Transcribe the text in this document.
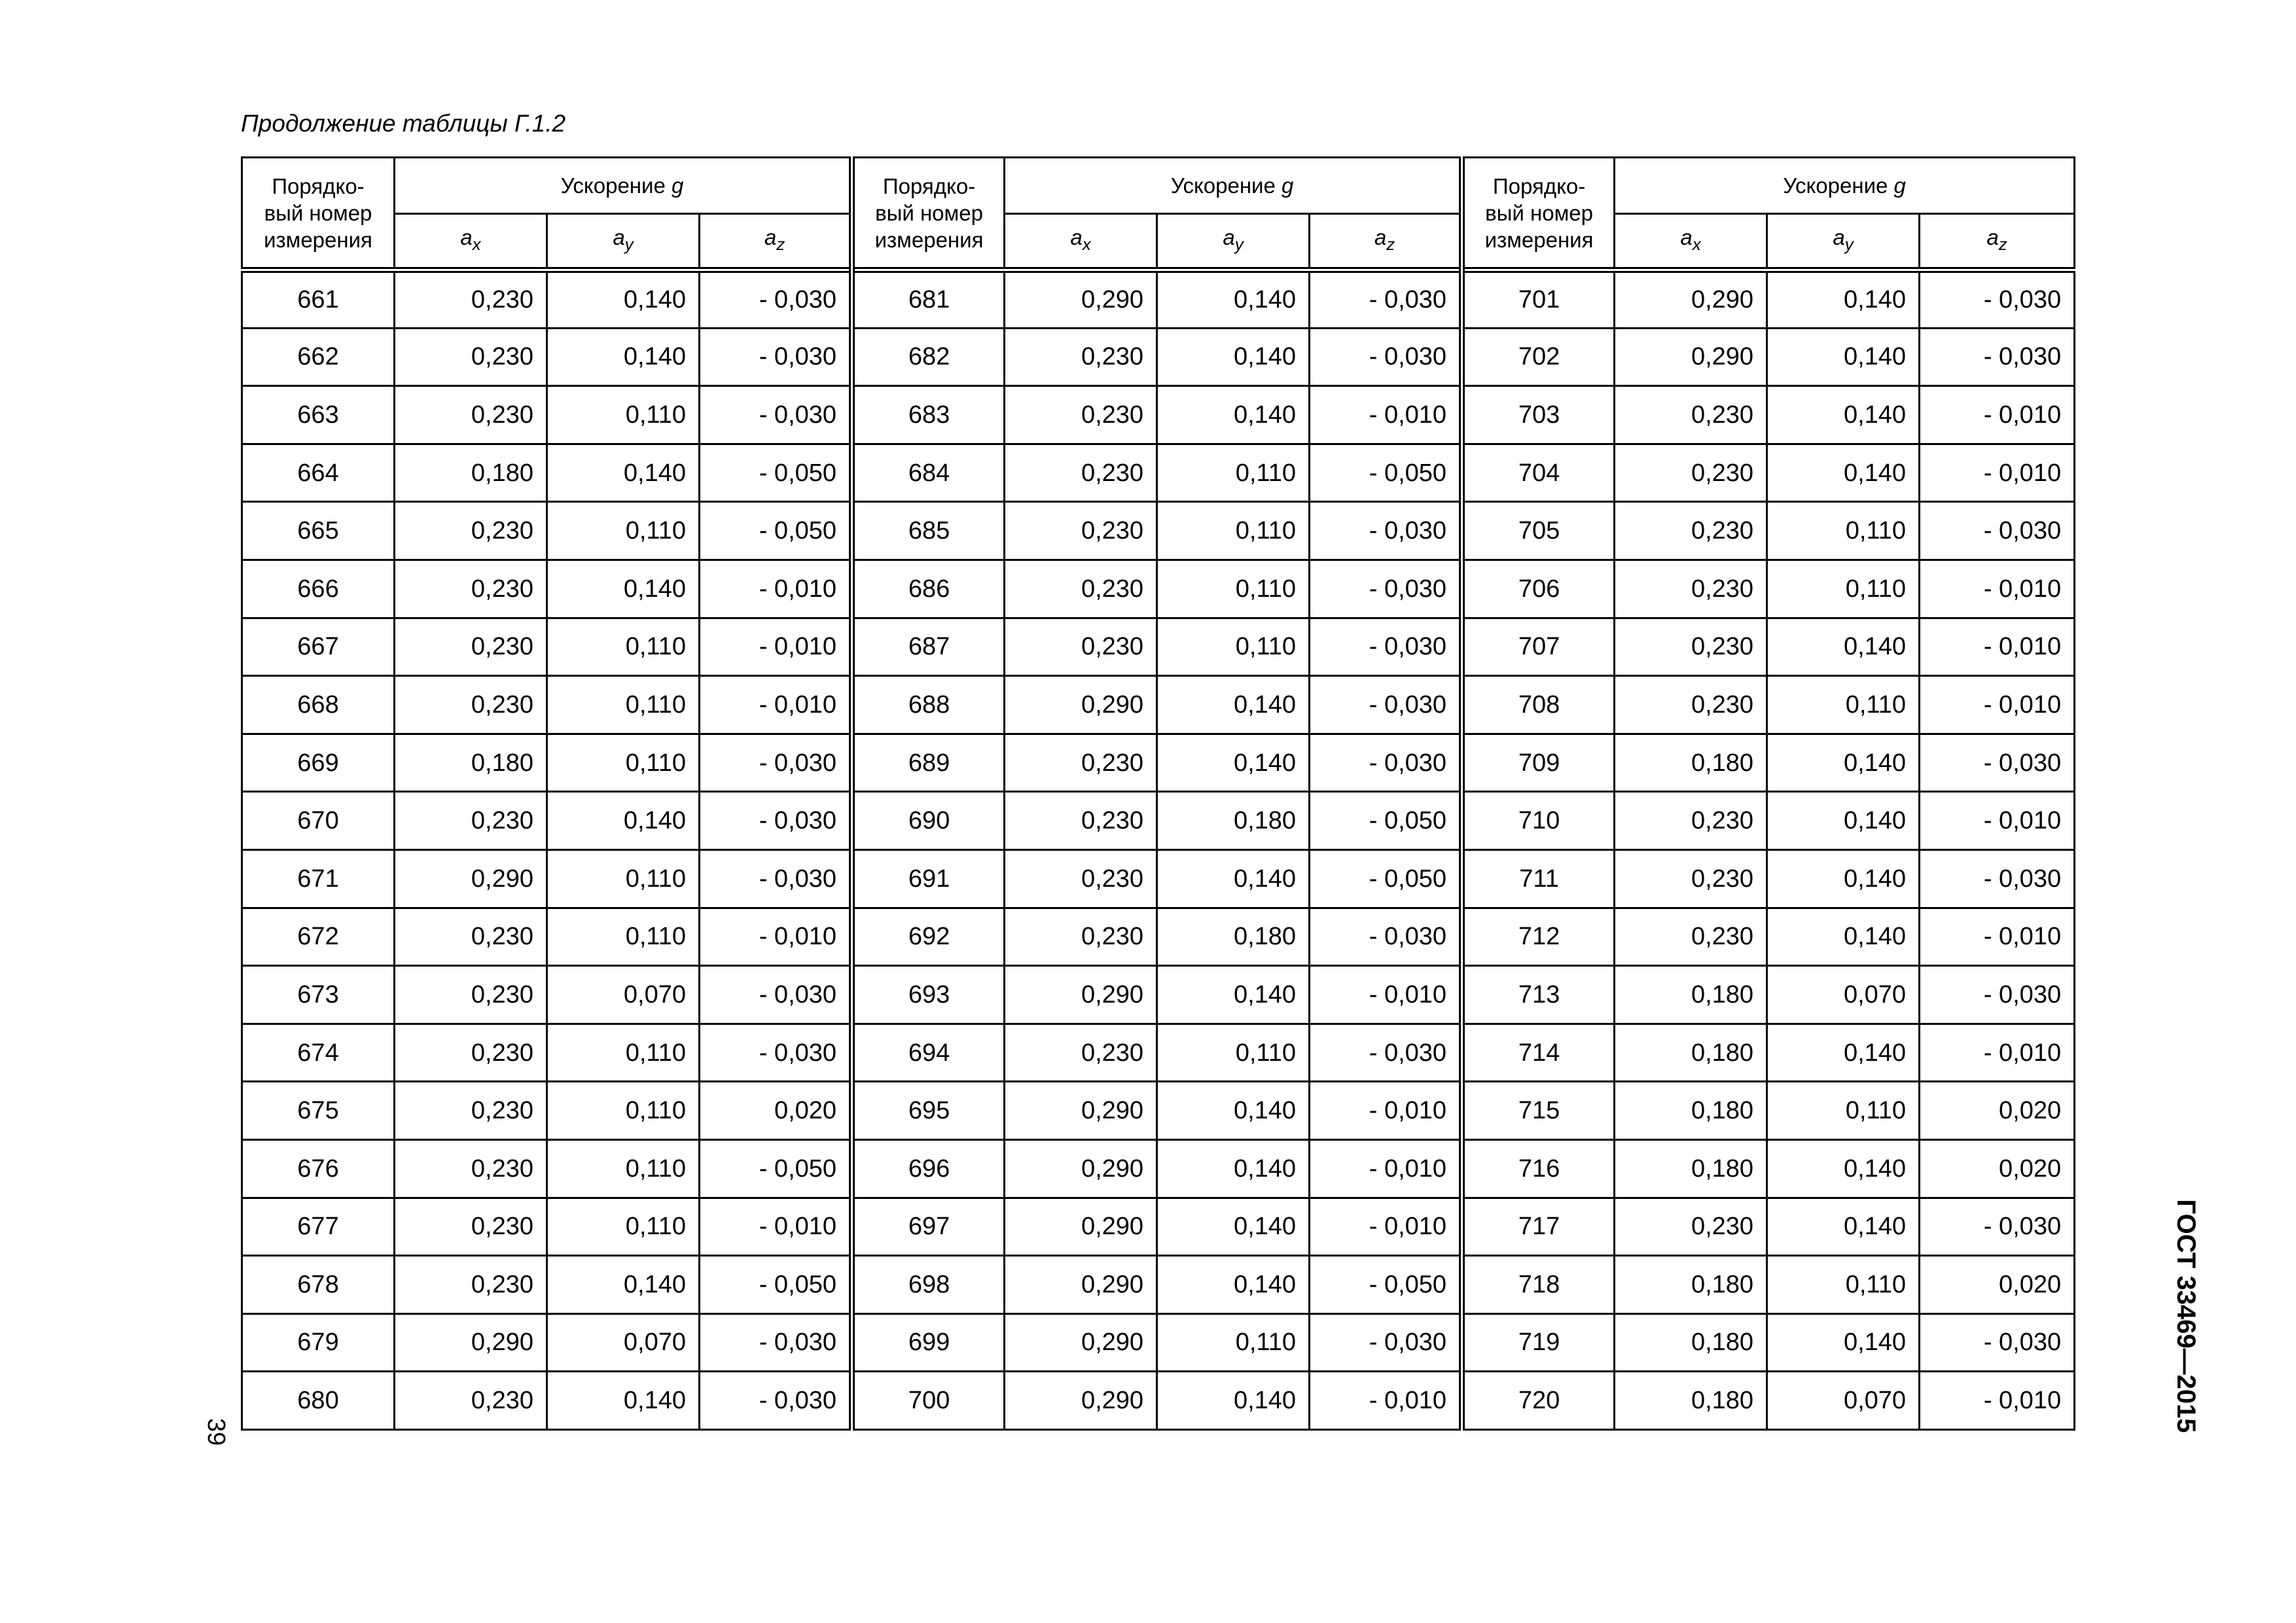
Продолжение таблицы Г.1.2
Порядко-
вый номер
измерения	Ускорение g			Порядко-
вый номер
измерения	Ускорение g			Порядко-
вый номер
измерения	Ускорение g		
	$a_x$	$a_y$	$a_z$		$a_x$	$a_y$	$a_z$		$a_x$	$a_y$	$a_z$
661	0,230	0,140	- 0,030	681	0,290	0,140	- 0,030	701	0,290	0,140	- 0,030
662	0,230	0,140	- 0,030	682	0,230	0,140	- 0,030	702	0,290	0,140	- 0,030
663	0,230	0,110	- 0,030	683	0,230	0,140	- 0,010	703	0,230	0,140	- 0,010
664	0,180	0,140	- 0,050	684	0,230	0,110	- 0,050	704	0,230	0,140	- 0,010
665	0,230	0,110	- 0,050	685	0,230	0,110	- 0,030	705	0,230	0,110	- 0,030
666	0,230	0,140	- 0,010	686	0,230	0,110	- 0,030	706	0,230	0,110	- 0,010
667	0,230	0,110	- 0,010	687	0,230	0,110	- 0,030	707	0,230	0,140	- 0,010
668	0,230	0,110	- 0,010	688	0,290	0,140	- 0,030	708	0,230	0,110	- 0,010
669	0,180	0,110	- 0,030	689	0,230	0,140	- 0,030	709	0,180	0,140	- 0,030
670	0,230	0,140	- 0,030	690	0,230	0,180	- 0,050	710	0,230	0,140	- 0,010
671	0,290	0,110	- 0,030	691	0,230	0,140	- 0,050	711	0,230	0,140	- 0,030
672	0,230	0,110	- 0,010	692	0,230	0,180	- 0,030	712	0,230	0,140	- 0,010
673	0,230	0,070	- 0,030	693	0,290	0,140	- 0,010	713	0,180	0,070	- 0,030
674	0,230	0,110	- 0,030	694	0,230	0,110	- 0,030	714	0,180	0,140	- 0,010
675	0,230	0,110	0,020	695	0,290	0,140	- 0,010	715	0,180	0,110	0,020
676	0,230	0,110	- 0,050	696	0,290	0,140	- 0,010	716	0,180	0,140	0,020
677	0,230	0,110	- 0,010	697	0,290	0,140	- 0,010	717	0,230	0,140	- 0,030
678	0,230	0,140	- 0,050	698	0,290	0,140	- 0,050	718	0,180	0,110	0,020
679	0,290	0,070	- 0,030	699	0,290	0,110	- 0,030	719	0,180	0,140	- 0,030
680	0,230	0,140	- 0,030	700	0,290	0,140	- 0,010	720	0,180	0,070	- 0,010
39	ГОСТ 33469—2015
